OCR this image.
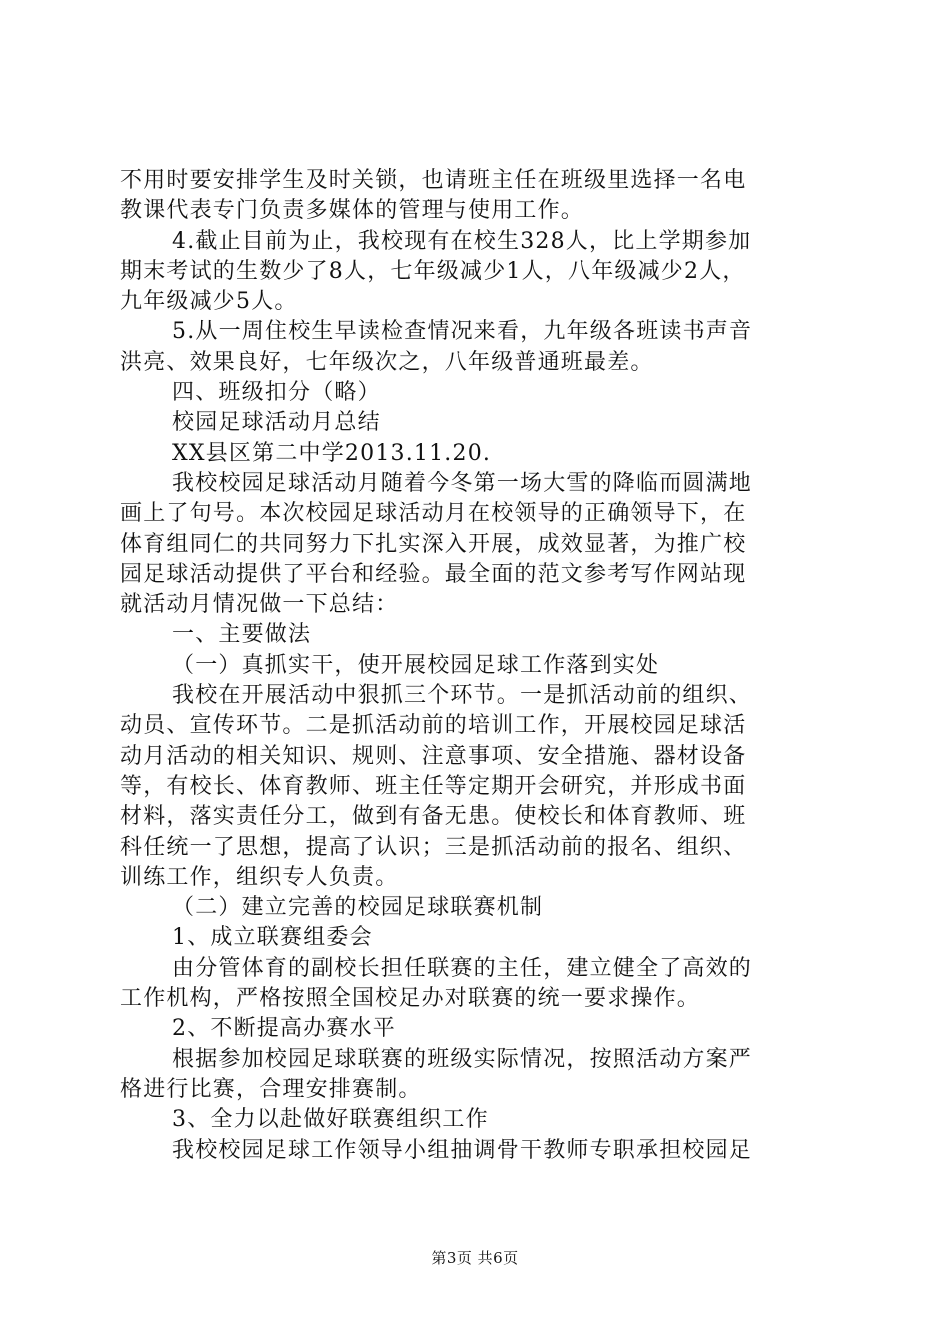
不用时要安排学生及时关锁，也请班主任在班级里选择一名电
教课代表专门负责多媒体的管理与使用工作。
4.截止目前为止，我校现有在校生328人，比上学期参加
期末考试的生数少了8人，七年级减少1人，八年级减少2人，
九年级减少5人。
5.从一周住校生早读检查情况来看，九年级各班读书声音
洪亮、效果良好，七年级次之，八年级普通班最差。
四、班级扣分（略）
校园足球活动月总结
XX县区第二中学2013.11.20.
我校校园足球活动月随着今冬第一场大雪的降临而圆满地
画上了句号。本次校园足球活动月在校领导的正确领导下，在
体育组同仁的共同努力下扎实深入开展，成效显著，为推广校
园足球活动提供了平台和经验。最全面的范文参考写作网站现
就活动月情况做一下总结：
一、主要做法
（一）真抓实干，使开展校园足球工作落到实处
我校在开展活动中狠抓三个环节。一是抓活动前的组织、
动员、宣传环节。二是抓活动前的培训工作，开展校园足球活
动月活动的相关知识、规则、注意事项、安全措施、器材设备
等，有校长、体育教师、班主任等定期开会研究，并形成书面
材料，落实责任分工，做到有备无患。使校长和体育教师、班
科任统一了思想，提高了认识；三是抓活动前的报名、组织、
训练工作，组织专人负责。
（二）建立完善的校园足球联赛机制
1、成立联赛组委会
由分管体育的副校长担任联赛的主任，建立健全了高效的
工作机构，严格按照全国校足办对联赛的统一要求操作。
2、不断提高办赛水平
根据参加校园足球联赛的班级实际情况，按照活动方案严
格进行比赛，合理安排赛制。
3、全力以赴做好联赛组织工作
我校校园足球工作领导小组抽调骨干教师专职承担校园足
第3页 共6页
